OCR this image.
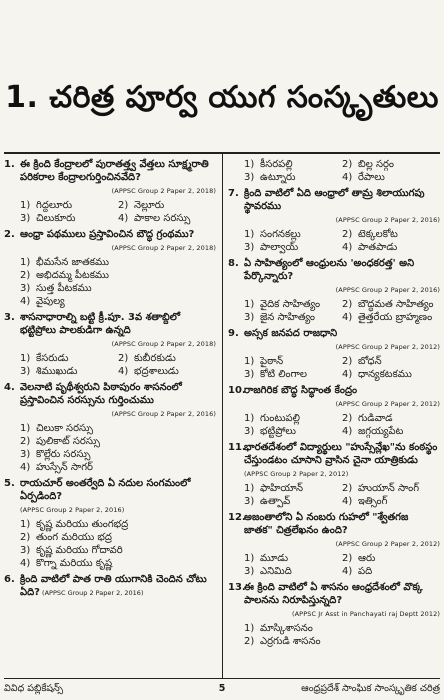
1. చరిత్ర పూర్వ యుగ సంస్కృతులు
1. ఈ క్రింది కేంద్రాలలో పురాతత్త్వ వేత్తలు సూక్ష్మరాతి పరికరాల కేంద్రాలగుర్తించినవేది?
(APPSC Group 2 Paper 2, 2018)
1) గిద్దలూరు	2) నెల్లూరు
3) చిలుకూరు	4) పాకాల సరస్సు
2. ఆంధ్రా పథములు ప్రస్తావించిన బౌద్ధ గ్రంథము?
(APPSC Group 2 Paper 2, 2018)
1) భీమసేన జాతకము
2) అభిదమ్మ పీటకము
3) సుత్త పీటకము
4) వైపుల్య
3. శాసనాధారాల్ని బట్టి క్రీ.పూ. 3వ శతాబ్దిలో భట్టిప్రోలు పాలకుడిగా ఉన్నది
(APPSC Group 2 Paper 2, 2018)
1) కేసరుడు	2) కుబీరకుడు
3) శిముఖుడు	4) భద్రశాలుడు
4. వెలనాటి పృథీశ్వరుని పిఠాపురం శాసనంలో ప్రస్తావించిన సరస్సును గుర్తించుము
(APPSC Group 2 Paper 2, 2016)
1) చిలుకా సరస్సు
2) పులికాట్ సరస్సు
3) కొల్లేరు సరస్సు
4) హుస్సేన్ సాగర్
5. రాయచూర్ అంతర్వేది ఏ నదుల సంగమంలో ఏర్పడింది?
(APPSC Group 2 Paper 2, 2016)
1) కృష్ణ మరియు తుంగభద్ర
2) తుంగ మరియు భద్ర
3) కృష్ణ మరియు గోదావరి
4) కొగ్నా మరియు కృష్ణ
6. క్రింది వాటిలో పాత రాతి యుగానికి చెందిన చోటు ఏది? (APPSC Group 2 Paper 2, 2016)
1) కీసరపల్లి	2) బిల్ల సర్గం
3) ఉట్నూరు	4) రేపాలు
7. క్రింది వాటిలో ఏది ఆంధ్రాలో తామ్ర శిలాయుగపు స్థావరము
(APPSC Group 2 Paper 2, 2016)
1) సంగనకల్లు	2) టెక్కలకోట
3) పాల్వాయ్	4) పాతపాడు
8. ఏ సాహిత్యంలో ఆంధ్రులను 'అంధకరత్త' అని పేర్కొన్నారు?
(APPSC Group 2 Paper 2, 2016)
1) వైదిక సాహిత్యం	2) బౌద్ధమత సాహిత్యం
3) జైన సాహిత్యం	4) తైత్తరేయ బ్రాహ్మణం
9. అస్సక జనపద రాజధాని
(APPSC Group 2 Paper 2, 2012)
1) పైఠాన్	2) బోధన్
3) కోటి లింగాల	4) ధాన్యకటకము
10.
రాజగిరిక బౌద్ధ సిద్ధాంత కేంద్రం
(APPSC Group 2 Paper 2, 2012)
1) గుంటుపల్లి	2) గుడివాడ
3) భట్టిప్రోలు	4) జగ్గయ్యపేట
11.
భారతదేశంలో విద్యార్థులు "హుస్సేన్లేఖ"ను కంఠస్థం చేస్తుండటం చూసాని వ్రాసిన చైనా యాత్రికుడు
(APPSC Group 2 Paper 2, 2012)
1) ఫాహియాన్	2) హుయాన్ సాంగ్
3) ఉత్పావ్	4) ఇత్సింగ్
12.
అజంతాలోని ఏ నంబరు గుహలో "శ్వేతగజ జాతక" చిత్రలేఖనం ఉంది?
(APPSC Group 2 Paper 2, 2012)
1) మూడు	2) ఆరు
3) ఎనిమిది	4) పది
13.
ఈ క్రింది వాటిలో ఏ శాసనం ఆంధ్రదేశంలో వొక్క పాలనను నిరూపిస్తున్నది?
(APPSC Jr Asst in Panchayati raj Deptt 2012)
1) మాస్కిశాసనం
2) ఎర్రగుడి శాసనం
వివిధ పబ్లికేషన్స్	5	ఆంధ్రప్రదేశ్ సాంఘిక సాంస్కృతిక చరిత్ర
